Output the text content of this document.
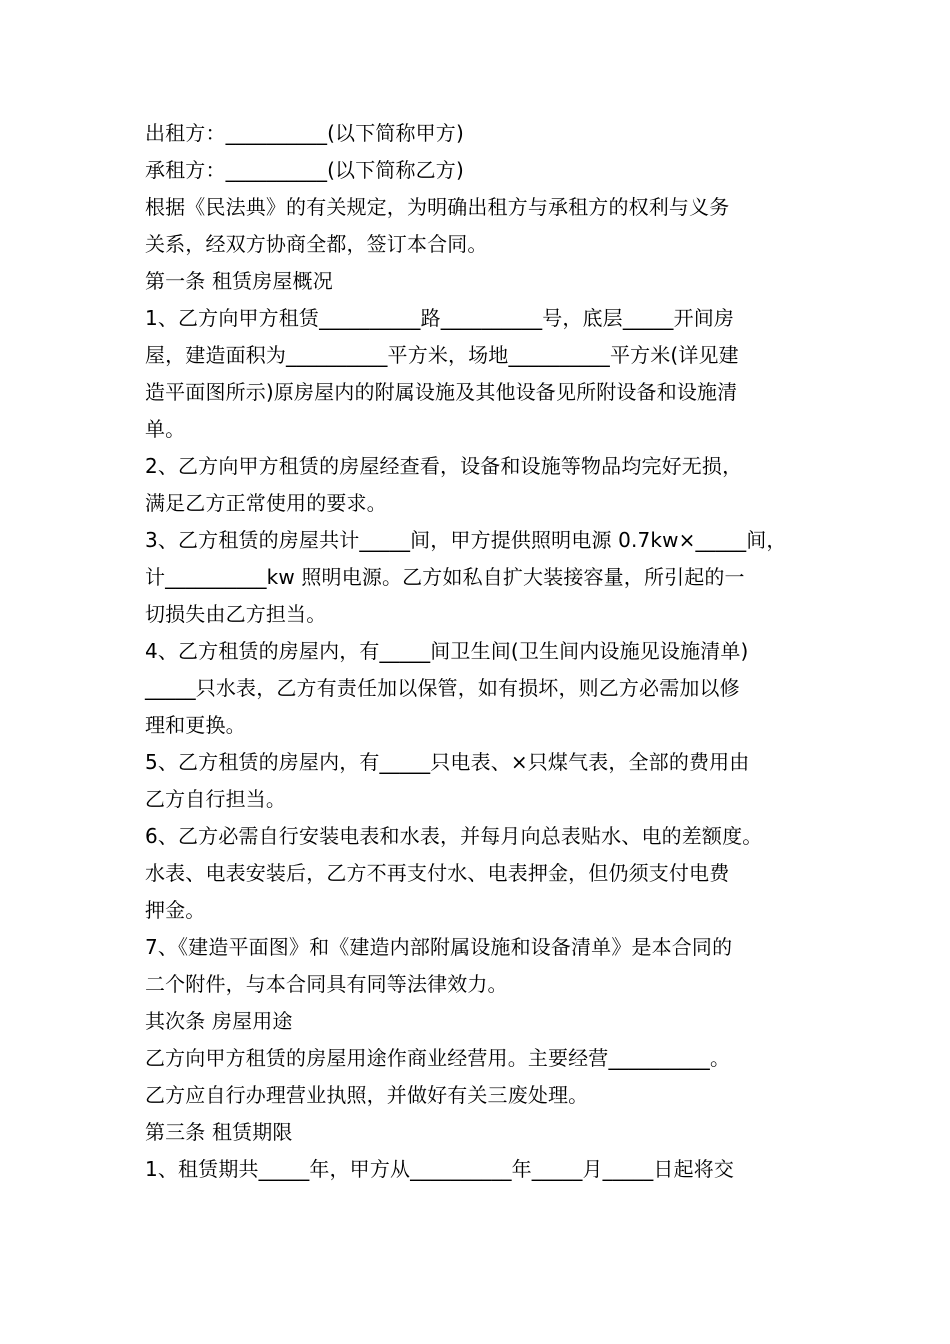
出租方：__________(以下简称甲方)
承租方：__________(以下简称乙方)
根据《民法典》的有关规定，为明确出租方与承租方的权利与义务
关系，经双方协商全都，签订本合同。
第一条 租赁房屋概况
1、乙方向甲方租赁__________路__________号，底层_____开间房
屋，建造面积为__________平方米，场地__________平方米(详见建
造平面图所示)原房屋内的附属设施及其他设备见所附设备和设施清
单。
2、乙方向甲方租赁的房屋经查看，设备和设施等物品均完好无损，
满足乙方正常使用的要求。
3、乙方租赁的房屋共计_____间，甲方提供照明电源 0.7kw×_____间，
计__________kw 照明电源。乙方如私自扩大装接容量，所引起的一
切损失由乙方担当。
4、乙方租赁的房屋内，有_____间卫生间(卫生间内设施见设施清单)
_____只水表，乙方有责任加以保管，如有损坏，则乙方必需加以修
理和更换。
5、乙方租赁的房屋内，有_____只电表、×只煤气表，全部的费用由
乙方自行担当。
6、乙方必需自行安装电表和水表，并每月向总表贴水、电的差额度。
水表、电表安装后，乙方不再支付水、电表押金，但仍须支付电费
押金。
7、《建造平面图》和《建造内部附属设施和设备清单》是本合同的
二个附件，与本合同具有同等法律效力。
其次条 房屋用途
乙方向甲方租赁的房屋用途作商业经营用。主要经营__________。
乙方应自行办理营业执照，并做好有关三废处理。
第三条 租赁期限
1、租赁期共_____年，甲方从__________年_____月_____日起将交
